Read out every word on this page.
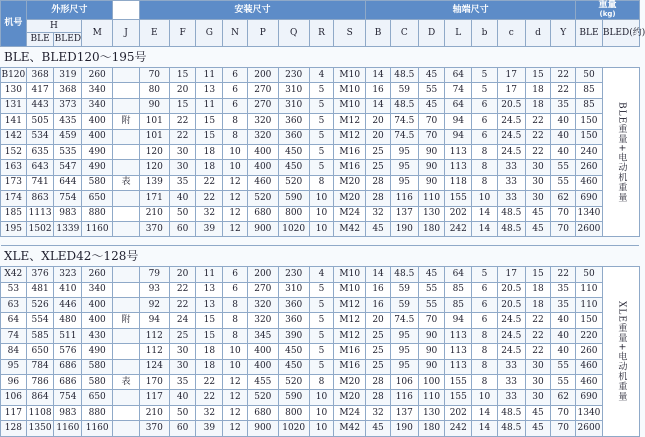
机号	外形尺寸				安装尺寸								轴端尺寸								重量
(kg)	
	H		M	J	E	F	G	N	P	Q	R	S	B	C	D	L	b	c	d	Y	BLE	BLED(约)
	BLE	BLED																				
BLE、BLED120～195号																						
B120	368	319	260		70	15	11	6	200	230	4	M10	14	48.5	45	64	5	17	15	22	50	BLE重量+电动机重量
130	417	368	340		80	20	13	6	270	310	5	M10	16	59	55	74	5	17	18	22	85	
131	443	373	340		90	15	11	6	270	310	5	M10	14	48.5	45	64	6	20.5	18	35	85	
141	505	435	400	附	101	22	15	8	320	360	5	M12	20	74.5	70	94	6	24.5	22	40	150	
142	534	459	400		101	22	15	8	320	360	5	M12	20	74.5	70	94	6	24.5	22	40	150	
152	635	535	490		120	30	18	10	400	450	5	M16	25	95	90	113	8	24.5	22	40	240	
163	643	547	490		120	30	18	10	400	450	5	M16	25	95	90	113	8	33	30	55	260	
173	741	644	580	表	139	35	22	12	460	520	8	M20	28	95	90	118	8	33	30	55	460	
174	863	754	650		171	40	22	12	520	590	10	M20	28	116	110	155	10	33	30	62	690	
185	1113	983	880		210	50	32	12	680	800	10	M24	32	137	130	202	14	48.5	45	70	1340	
195	1502	1339	1160		370	60	39	12	900	1020	10	M42	45	190	180	242	14	48.5	45	70	2600	

XLE、XLED42～128号																						
X42	376	323	260		79	20	11	6	200	230	4	M10	14	48.5	45	64	5	17	15	22	50	XLE重量+电动机重量
53	481	410	340		93	22	13	6	270	310	5	M10	16	59	55	85	6	20.5	18	35	110	
63	526	446	400		92	22	13	8	320	360	5	M12	16	59	55	85	6	20.5	18	35	110	
64	554	480	400	附	94	24	15	8	320	360	5	M12	20	74.5	70	94	6	24.5	22	40	150	
74	585	511	430		112	25	15	8	345	390	5	M12	25	95	90	113	8	24.5	22	40	220	
84	650	576	490		112	30	18	10	400	450	5	M16	25	95	90	113	8	24.5	22	40	260	
95	784	686	580		124	30	18	10	400	450	5	M16	25	95	90	113	8	33	30	55	460	
96	786	686	580	表	170	35	22	12	455	520	8	M20	28	106	100	155	8	33	30	55	460	
106	864	754	650		117	40	22	12	520	590	10	M20	28	116	110	155	10	33	30	62	690	
117	1108	983	880		210	50	32	12	680	800	10	M24	32	137	130	202	14	48.5	45	70	1340	
128	1350	1160	1160		370	60	39	12	900	1020	10	M42	45	190	180	242	14	48.5	45	70	2600	
